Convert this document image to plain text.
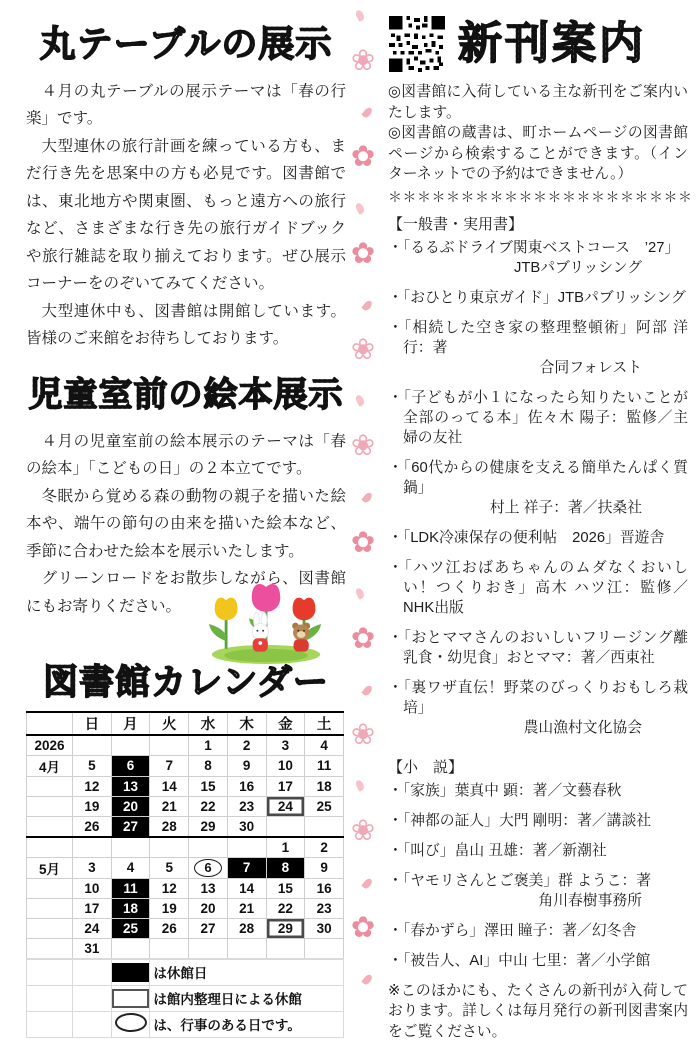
丸テーブルの展示

４月の丸テーブルの展示テーマは「春の行楽」です。

大型連休の旅行計画を練っている方も、まだ行き先を思案中の方も必見です。図書館では、東北地方や関東圏、もっと遠方への旅行など、さまざまな行き先の旅行ガイドブックや旅行雑誌を取り揃えております。ぜひ展示コーナーをのぞいてみてください。

大型連休中も、図書館は開館しています。皆様のご来館をお待ちしております。

児童室前の絵本展示

４月の児童室前の絵本展示のテーマは「春の絵本」「こどもの日」の２本立てです。

冬眠から覚める森の動物の親子を描いた絵本や、端午の節句の由来を描いた絵本など、季節に合わせた絵本を展示いたします。

グリーンロードをお散歩しながら、図書館にもお寄りください。

図書館カレンダー
	日	月	火	水	木	金	土
2026				1	2	3	4
4月	5	6	7	8	9	10	11
	12	13	14	15	16	17	18
	19	20	21	22	23	24	25
	26	27	28	29	30		
						1	2
5月	3	4	5	6	7	8	9
	10	11	12	13	14	15	16
	17	18	19	20	21	22	23
	24	25	26	27	28	29	30
	31						

	は休館日				

	は館内整理日による休館				
			は、行事のある日です。				
❀
✿
✿
❀
❀
✿
✿
❀
❀
✿
新刊案内

◎図書館に入荷している主な新刊をご案内いたします。

◎図書館の蔵書は、町ホームページの図書館ページから検索することができます。（インターネットでの予約はできません。）

＊＊＊＊＊＊＊＊＊＊＊＊＊＊＊＊＊＊＊＊＊
【一般書・実用書】
・「るるぶドライブ関東ベストコース　’27」
JTBパブリッシング
・「おひとり東京ガイド」JTBパブリッシング
・「相続した空き家の整理整頓術」阿部 洋行：著
合同フォレスト
・「子どもが小１になったら知りたいことが全部のってる本」佐々木 陽子：監修／主婦の友社
・「60代からの健康を支える簡単たんぱく質鍋」
村上 祥子：著／扶桑社
・「LDK冷凍保存の便利帖　2026」晋遊舎
・「ハツ江おばあちゃんのムダなくおいしい！つくりおき」高木 ハツ江：監修／NHK出版
・「おとママさんのおいしいフリージング離乳食・幼児食」おとママ：著／西東社
・「裏ワザ直伝！野菜のびっくりおもしろ栽培」
農山漁村文化協会
【小　説】
・「家族」葉真中 顕：著／文藝春秋
・「神都の証人」大門 剛明：著／講談社
・「叫び」畠山 丑雄：著／新潮社
・「ヤモリさんとご褒美」群 ようこ：著
角川春樹事務所
・「春かずら」澤田 瞳子：著／幻冬舎
・「被告人、AI」中山 七里：著／小学館

※このほかにも、たくさんの新刊が入荷しております。詳しくは毎月発行の新刊図書案内をご覧ください。
